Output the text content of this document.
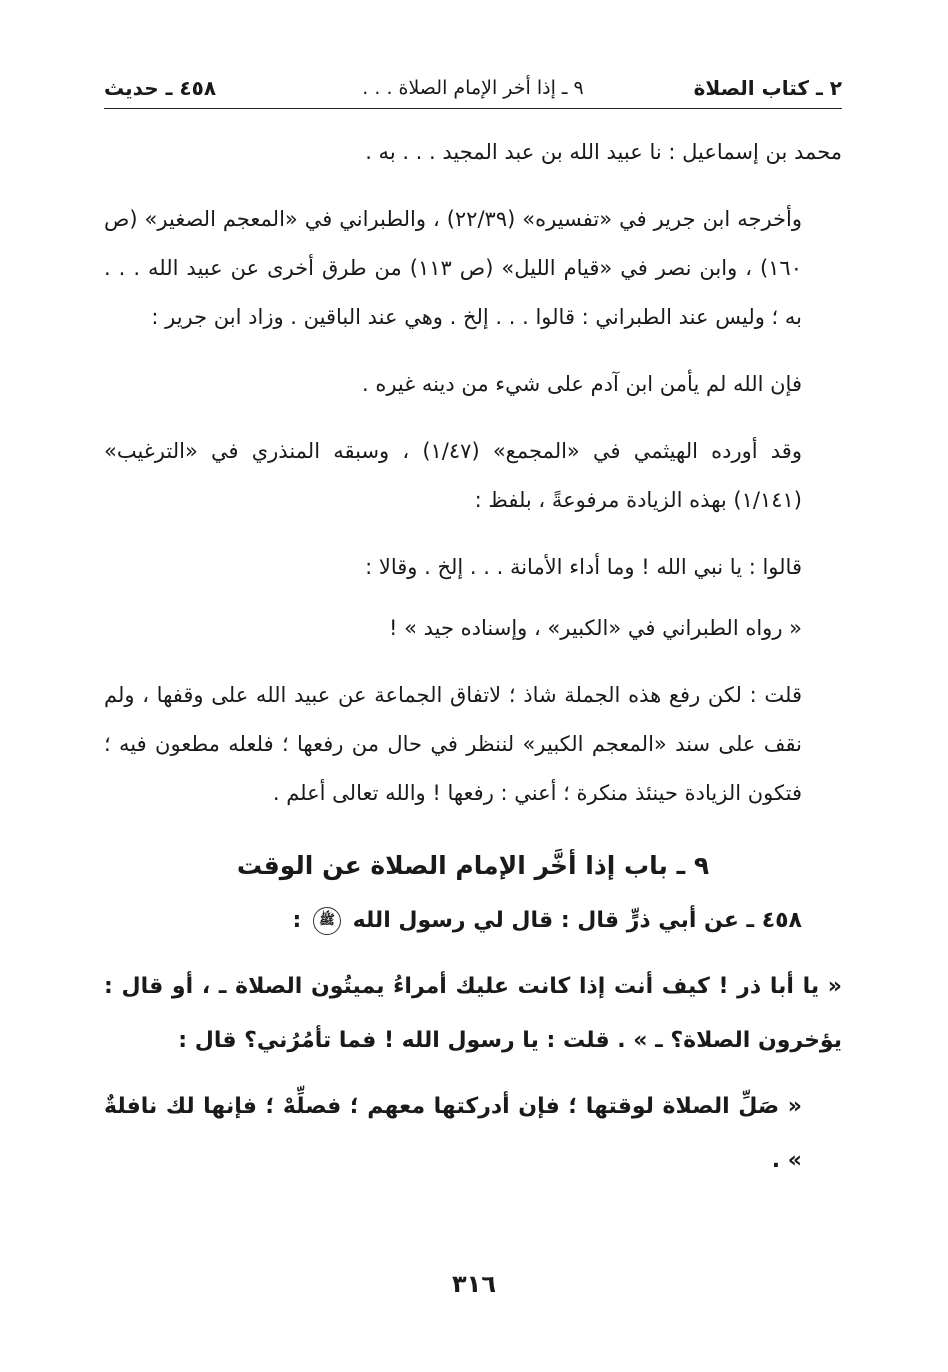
٢ ـ كتاب الصلاة
٩ ـ إذا أخر الإمام الصلاة . . .
٤٥٨ ـ حديث

محمد بن إسماعيل : نا عبيد الله بن عبد المجيد . . . به .

وأخرجه ابن جرير في «تفسيره» (٢٢/٣٩) ، والطبراني في «المعجم الصغير» (ص ١٦٠) ، وابن نصر في «قيام الليل» (ص ١١٣) من طرق أخرى عن عبيد الله . . . به ؛ وليس عند الطبراني : قالوا . . . إلخ . وهي عند الباقين . وزاد ابن جرير :

فإن الله لم يأمن ابن آدم على شيء من دينه غيره .

وقد أورده الهيثمي في «المجمع» (١/٤٧) ، وسبقه المنذري في «الترغيب» (١/١٤١) بهذه الزيادة مرفوعةً ، بلفظ :

قالوا : يا نبي الله ! وما أداء الأمانة . . . إلخ . وقالا :

« رواه الطبراني في «الكبير» ، وإسناده جيد » !

قلت : لكن رفع هذه الجملة شاذ ؛ لاتفاق الجماعة عن عبيد الله على وقفها ، ولم نقف على سند «المعجم الكبير» لننظر في حال من رفعها ؛ فلعله مطعون فيه ؛ فتكون الزيادة حينئذ منكرة ؛ أعني : رفعها ! والله تعالى أعلم .

٩ ـ باب إذا أخَّر الإمام الصلاة عن الوقت

٤٥٨ ـ عن أبي ذرٍّ قال : قال لي رسول الله ﷺ :

« يا أبا ذر ! كيف أنت إذا كانت عليك أمراءُ يميتُون الصلاة ـ ، أو قال : يؤخرون الصلاة؟ ـ » . قلت : يا رسول الله ! فما تأمُرُني؟ قال :

« صَلِّ الصلاة لوقتها ؛ فإن أدركتها معهم ؛ فصلِّهْ ؛ فإنها لك نافلةٌ » .

٣١٦
